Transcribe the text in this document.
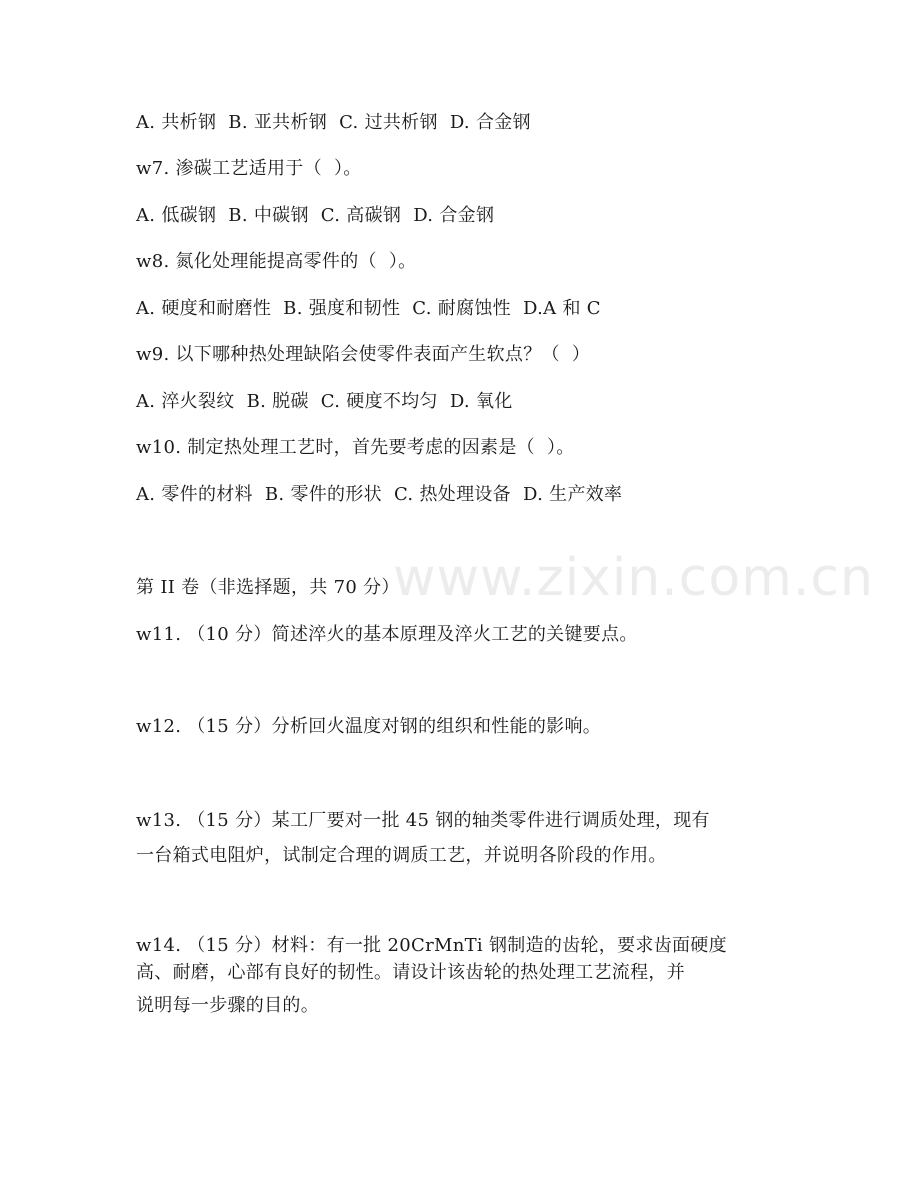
www.zixin.com.cn
A. 共析钢  B. 亚共析钢  C. 过共析钢  D. 合金钢
w7. 渗碳工艺适用于（  ）。
A. 低碳钢  B. 中碳钢  C. 高碳钢  D. 合金钢
w8. 氮化处理能提高零件的（  ）。
A. 硬度和耐磨性  B. 强度和韧性  C. 耐腐蚀性  D.A 和 C
w9. 以下哪种热处理缺陷会使零件表面产生软点？（  ）
A. 淬火裂纹  B. 脱碳  C. 硬度不均匀  D. 氧化
w10. 制定热处理工艺时，首先要考虑的因素是（  ）。
A. 零件的材料  B. 零件的形状  C. 热处理设备  D. 生产效率
第 II 卷（非选择题，共 70 分）
w11. （10 分）简述淬火的基本原理及淬火工艺的关键要点。
w12. （15 分）分析回火温度对钢的组织和性能的影响。
w13. （15 分）某工厂要对一批 45 钢的轴类零件进行调质处理，现有
一台箱式电阻炉，试制定合理的调质工艺，并说明各阶段的作用。
w14. （15 分）材料：有一批 20CrMnTi 钢制造的齿轮，要求齿面硬度
高、耐磨，心部有良好的韧性。请设计该齿轮的热处理工艺流程，并
说明每一步骤的目的。
